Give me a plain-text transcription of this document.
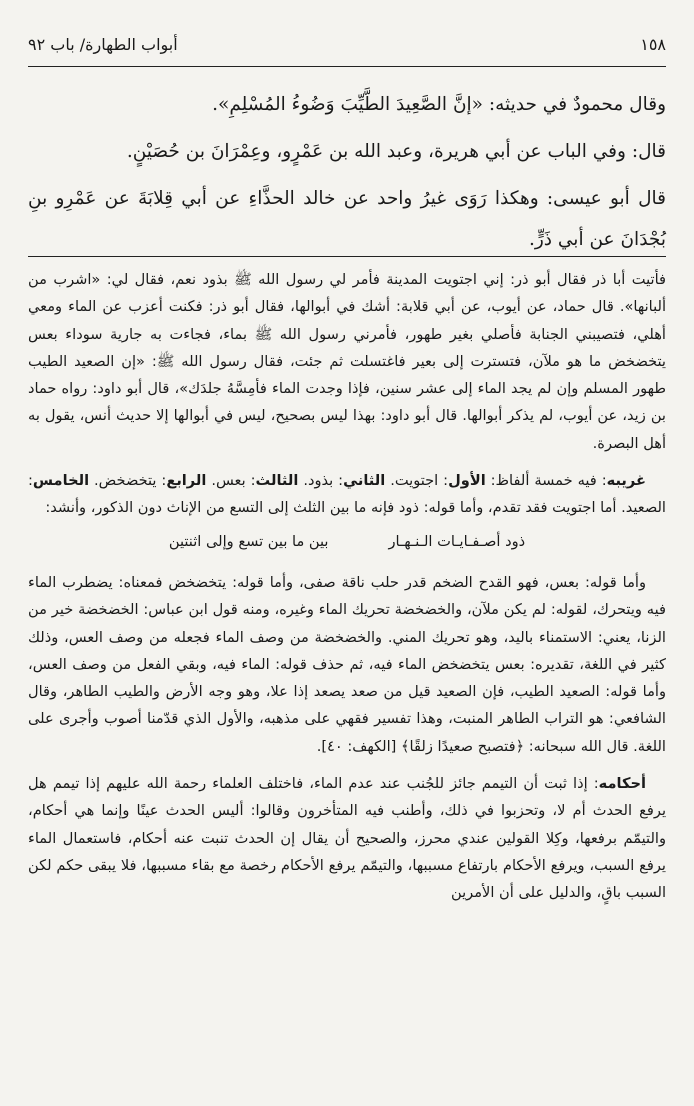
١٥٨
أبواب الطهارة/ باب ٩٢

وقال محمودٌ في حديثه: «إنَّ الصَّعِيدَ الطَّيِّبَ وَضُوءُ المُسْلِمِ».

قال: وفي الباب عن أبي هريرة، وعبد الله بن عَمْرٍو، وعِمْرَانَ بن حُصَيْنٍ.

قال أبو عيسى: وهكذا رَوَى غيرُ واحد عن خالد الحذَّاءِ عن أبي قِلابَةَ عن عَمْرِو بنِ بُجْدَانَ عن أبي ذَرٍّ.

فأتيت أبا ذر فقال أبو ذر: إني اجتويت المدينة فأمر لي رسول الله ﷺ بذود نعم، فقال لي: «اشرب من ألبانها». قال حماد، عن أيوب، عن أبي قلابة: أشك في أبوالها، فقال أبو ذر: فكنت أعزب عن الماء ومعي أهلي، فتصيبني الجنابة فأصلي بغير طهور، فأمرني رسول الله ﷺ بماء، فجاءت به جارية سوداء بعس يتخضخض ما هو ملآن، فتسترت إلى بعير فاغتسلت ثم جئت، فقال رسول الله ﷺ: «إن الصعيد الطيب طهور المسلم وإن لم يجد الماء إلى عشر سنين، فإذا وجدت الماء فأمِسَّهُ جلدَك»، قال أبو داود: رواه حماد بن زيد، عن أيوب، لم يذكر أبوالها. قال أبو داود: بهذا ليس بصحيح، ليس في أبوالها إلا حديث أنس، يقول به أهل البصرة.

غريبه: فيه خمسة ألفاظ: الأول: اجتويت. الثاني: بذود. الثالث: بعس. الرابع: يتخضخض. الخامس: الصعيد. أما اجتويت فقد تقدم، وأما قوله: ذود فإنه ما بين الثلث إلى التسع من الإناث دون الذكور، وأنشد:

ذود أصـفـايـات الـنـهـار
بين ما بين تسع وإلى اثنتين

وأما قوله: بعس، فهو القدح الضخم قدر حلب ناقة صفى، وأما قوله: يتخضخض فمعناه: يضطرب الماء فيه ويتحرك، لقوله: لم يكن ملآن، والخضخضة تحريك الماء وغيره، ومنه قول ابن عباس: الخضخضة خير من الزنا، يعني: الاستمناء باليد، وهو تحريك المني. والخضخضة من وصف الماء فجعله من وصف العس، وذلك كثير في اللغة، تقديره: بعس يتخضخض الماء فيه، ثم حذف قوله: الماء فيه، وبقي الفعل من وصف العس، وأما قوله: الصعيد الطيب، فإن الصعيد قيل من صعد يصعد إذا علا، وهو وجه الأرض والطيب الطاهر، وقال الشافعي: هو التراب الطاهر المنبت، وهذا تفسير فقهي على مذهبه، والأول الذي قدّمنا أصوب وأجرى على اللغة. قال الله سبحانه: ﴿فتصبح صعيدًا زلقًا﴾ [الكهف: ٤٠].

أحكامه: إذا ثبت أن التيمم جائز للجُنب عند عدم الماء، فاختلف العلماء رحمة الله عليهم إذا تيمم هل يرفع الحدث أم لا، وتحزبوا في ذلك، وأطنب فيه المتأخرون وقالوا: أليس الحدث عينًا وإنما هي أحكام، والتيمّم برفعها، وكِلا القولين عندي محرز، والصحيح أن يقال إن الحدث تنبت عنه أحكام، فاستعمال الماء يرفع السبب، ويرفع الأحكام بارتفاع مسببها، والتيمّم يرفع الأحكام رخصة مع بقاء مسببها، فلا يبقى حكم لكن السبب باقٍ، والدليل على أن الأمرين
